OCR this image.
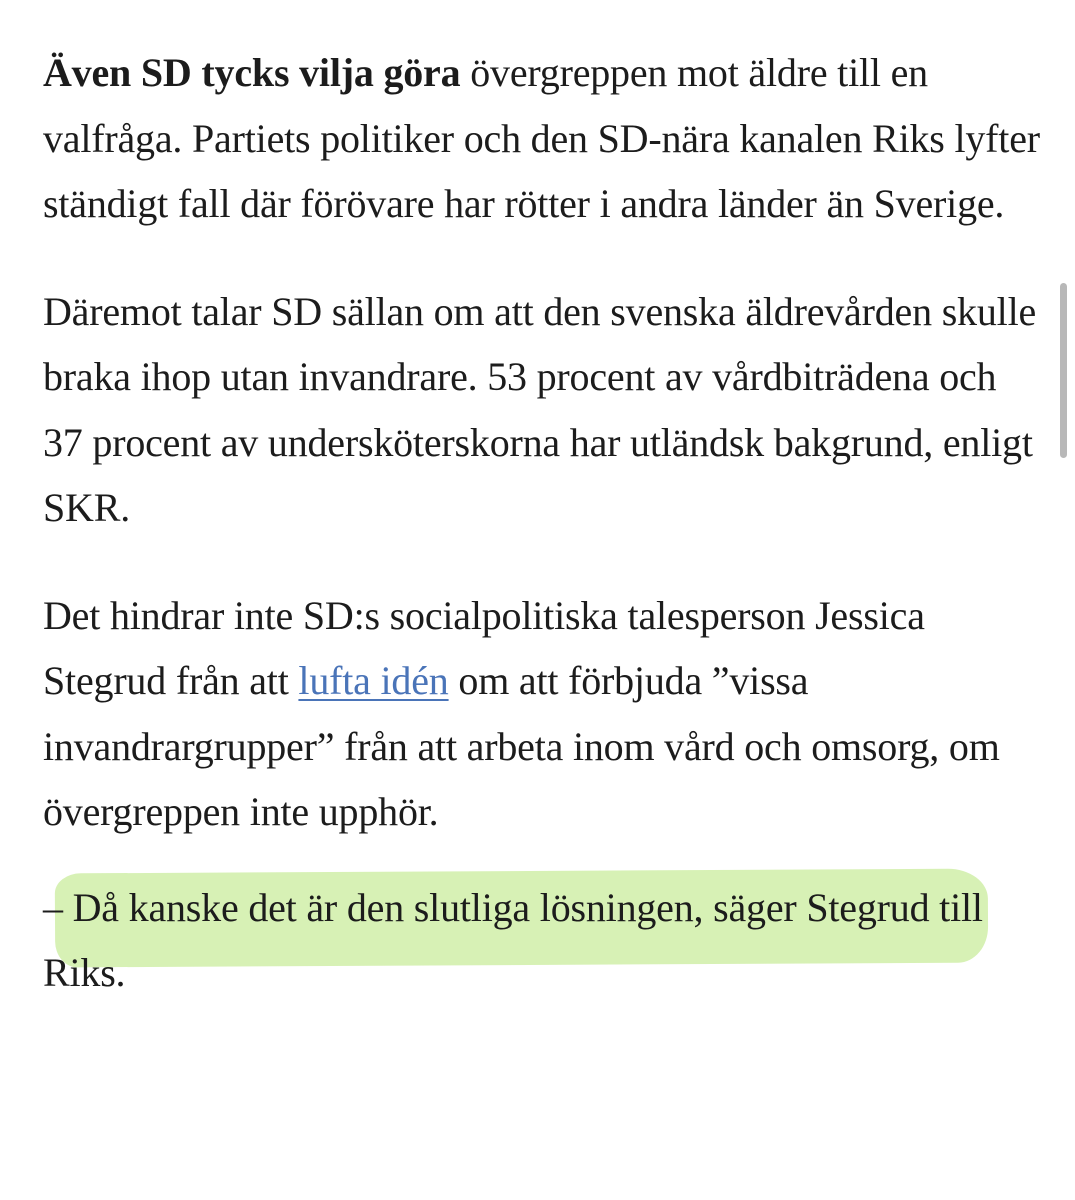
Även SD tycks vilja göra övergreppen mot äldre till en valfråga. Partiets politiker och den SD-nära kanalen Riks lyfter ständigt fall där förövare har rötter i andra länder än Sverige.

Däremot talar SD sällan om att den svenska äldrevården skulle braka ihop utan invandrare. 53 procent av vårdbiträdena och 37 procent av undersköterskorna har utländsk bakgrund, enligt SKR.

Det hindrar inte SD:s socialpolitiska talesperson Jessica Stegrud från att lufta idén om att förbjuda ”vissa invandrargrupper” från att arbeta inom vård och omsorg, om övergreppen inte upphör.

– Då kanske det är den slutliga lösningen, säger Stegrud till Riks.
